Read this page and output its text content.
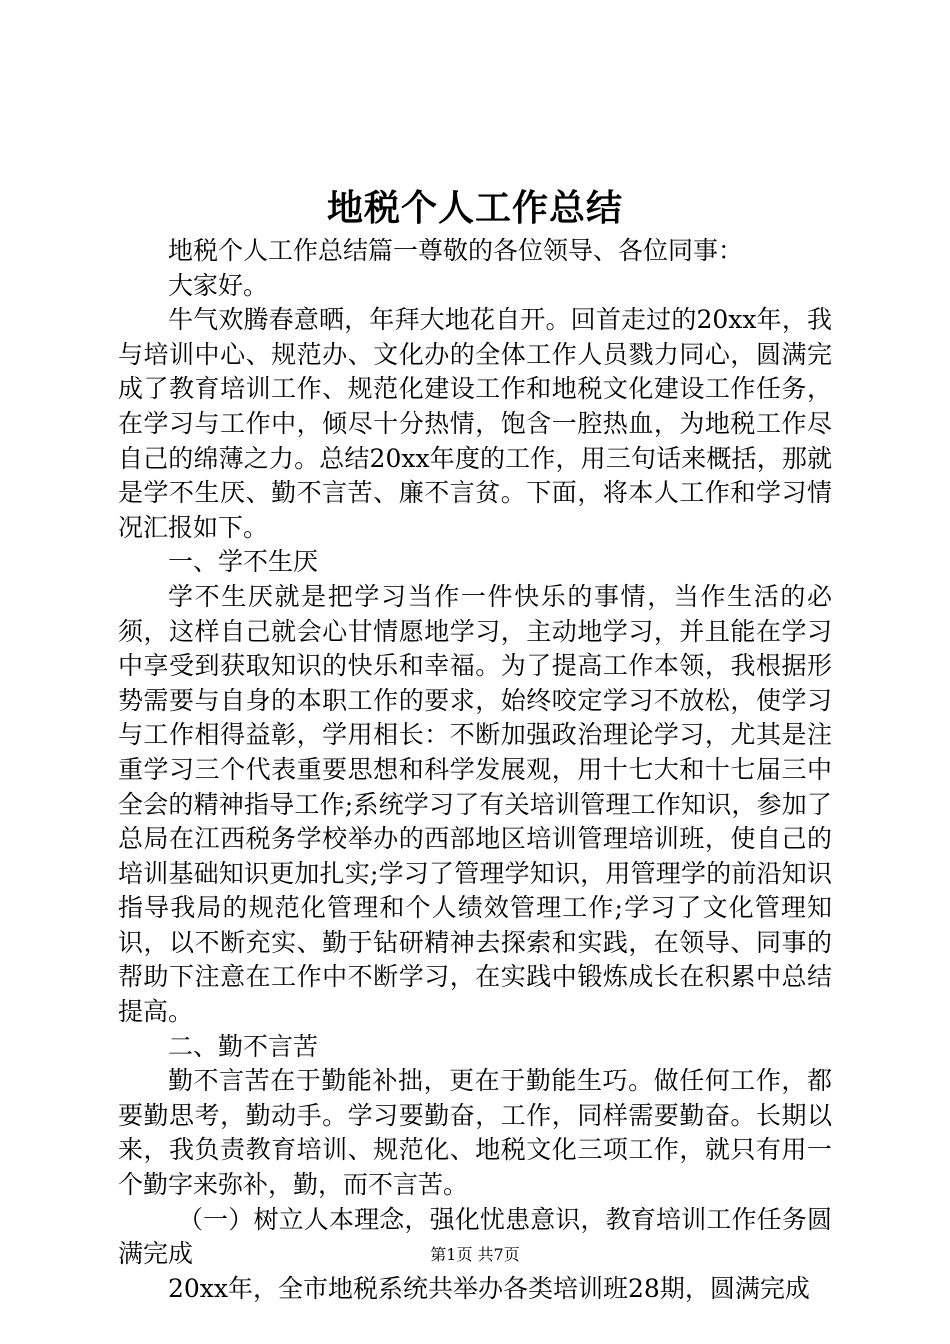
地税个人工作总结

地税个人工作总结篇一尊敬的各位领导、各位同事：

大家好。

牛气欢腾春意晒，年拜大地花自开。回首走过的20xx年，我与培训中心、规范办、文化办的全体工作人员戮力同心，圆满完成了教育培训工作、规范化建设工作和地税文化建设工作任务，在学习与工作中，倾尽十分热情，饱含一腔热血，为地税工作尽自己的绵薄之力。总结20xx年度的工作，用三句话来概括，那就是学不生厌、勤不言苦、廉不言贫。下面，将本人工作和学习情况汇报如下。

一、学不生厌

学不生厌就是把学习当作一件快乐的事情，当作生活的必须，这样自己就会心甘情愿地学习，主动地学习，并且能在学习中享受到获取知识的快乐和幸福。为了提高工作本领，我根据形势需要与自身的本职工作的要求，始终咬定学习不放松，使学习与工作相得益彰，学用相长：不断加强政治理论学习，尤其是注重学习三个代表重要思想和科学发展观，用十七大和十七届三中全会的精神指导工作;系统学习了有关培训管理工作知识，参加了总局在江西税务学校举办的西部地区培训管理培训班，使自己的培训基础知识更加扎实;学习了管理学知识，用管理学的前沿知识指导我局的规范化管理和个人绩效管理工作;学习了文化管理知识，以不断充实、勤于钻研精神去探索和实践，在领导、同事的帮助下注意在工作中不断学习，在实践中锻炼成长在积累中总结提高。

二、勤不言苦

勤不言苦在于勤能补拙，更在于勤能生巧。做任何工作，都要勤思考，勤动手。学习要勤奋，工作，同样需要勤奋。长期以来，我负责教育培训、规范化、地税文化三项工作，就只有用一个勤字来弥补，勤，而不言苦。

（一）树立人本理念，强化忧患意识，教育培训工作任务圆满完成

20xx年，全市地税系统共举办各类培训班28期，圆满完成

第1页 共7页
